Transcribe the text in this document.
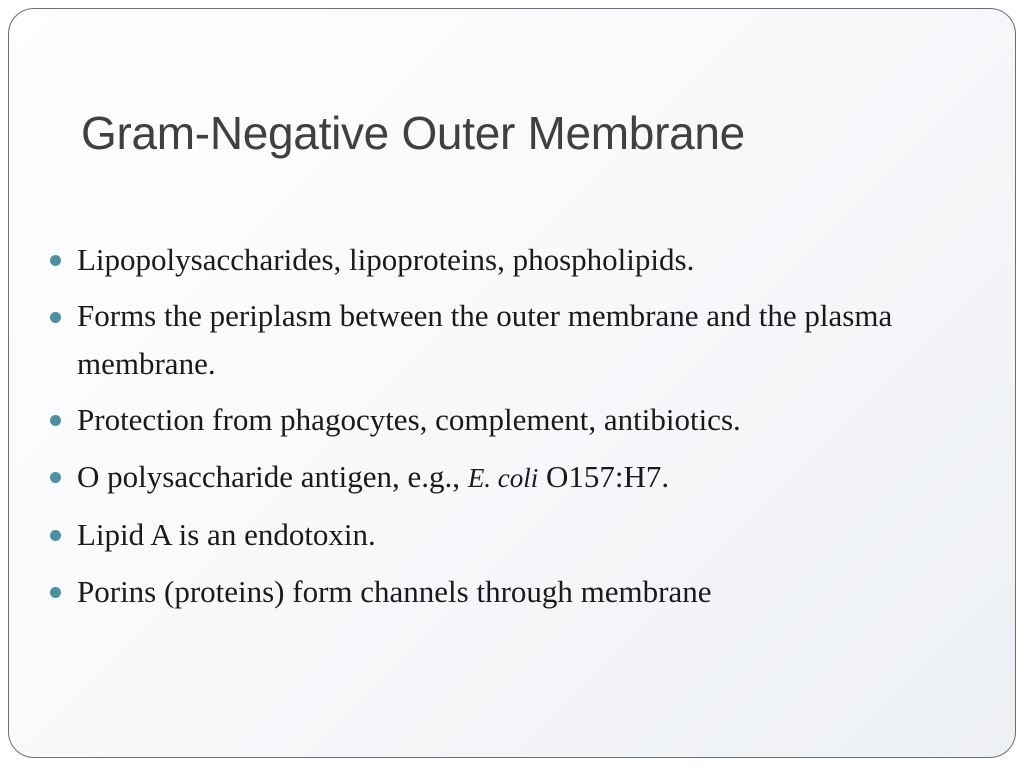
Gram-Negative Outer Membrane
Lipopolysaccharides, lipoproteins, phospholipids.
Forms the periplasm between the outer membrane and the plasma membrane.
Protection from phagocytes, complement, antibiotics.
O polysaccharide antigen, e.g., E. coli O157:H7.
Lipid A is an endotoxin.
Porins (proteins) form channels through membrane
